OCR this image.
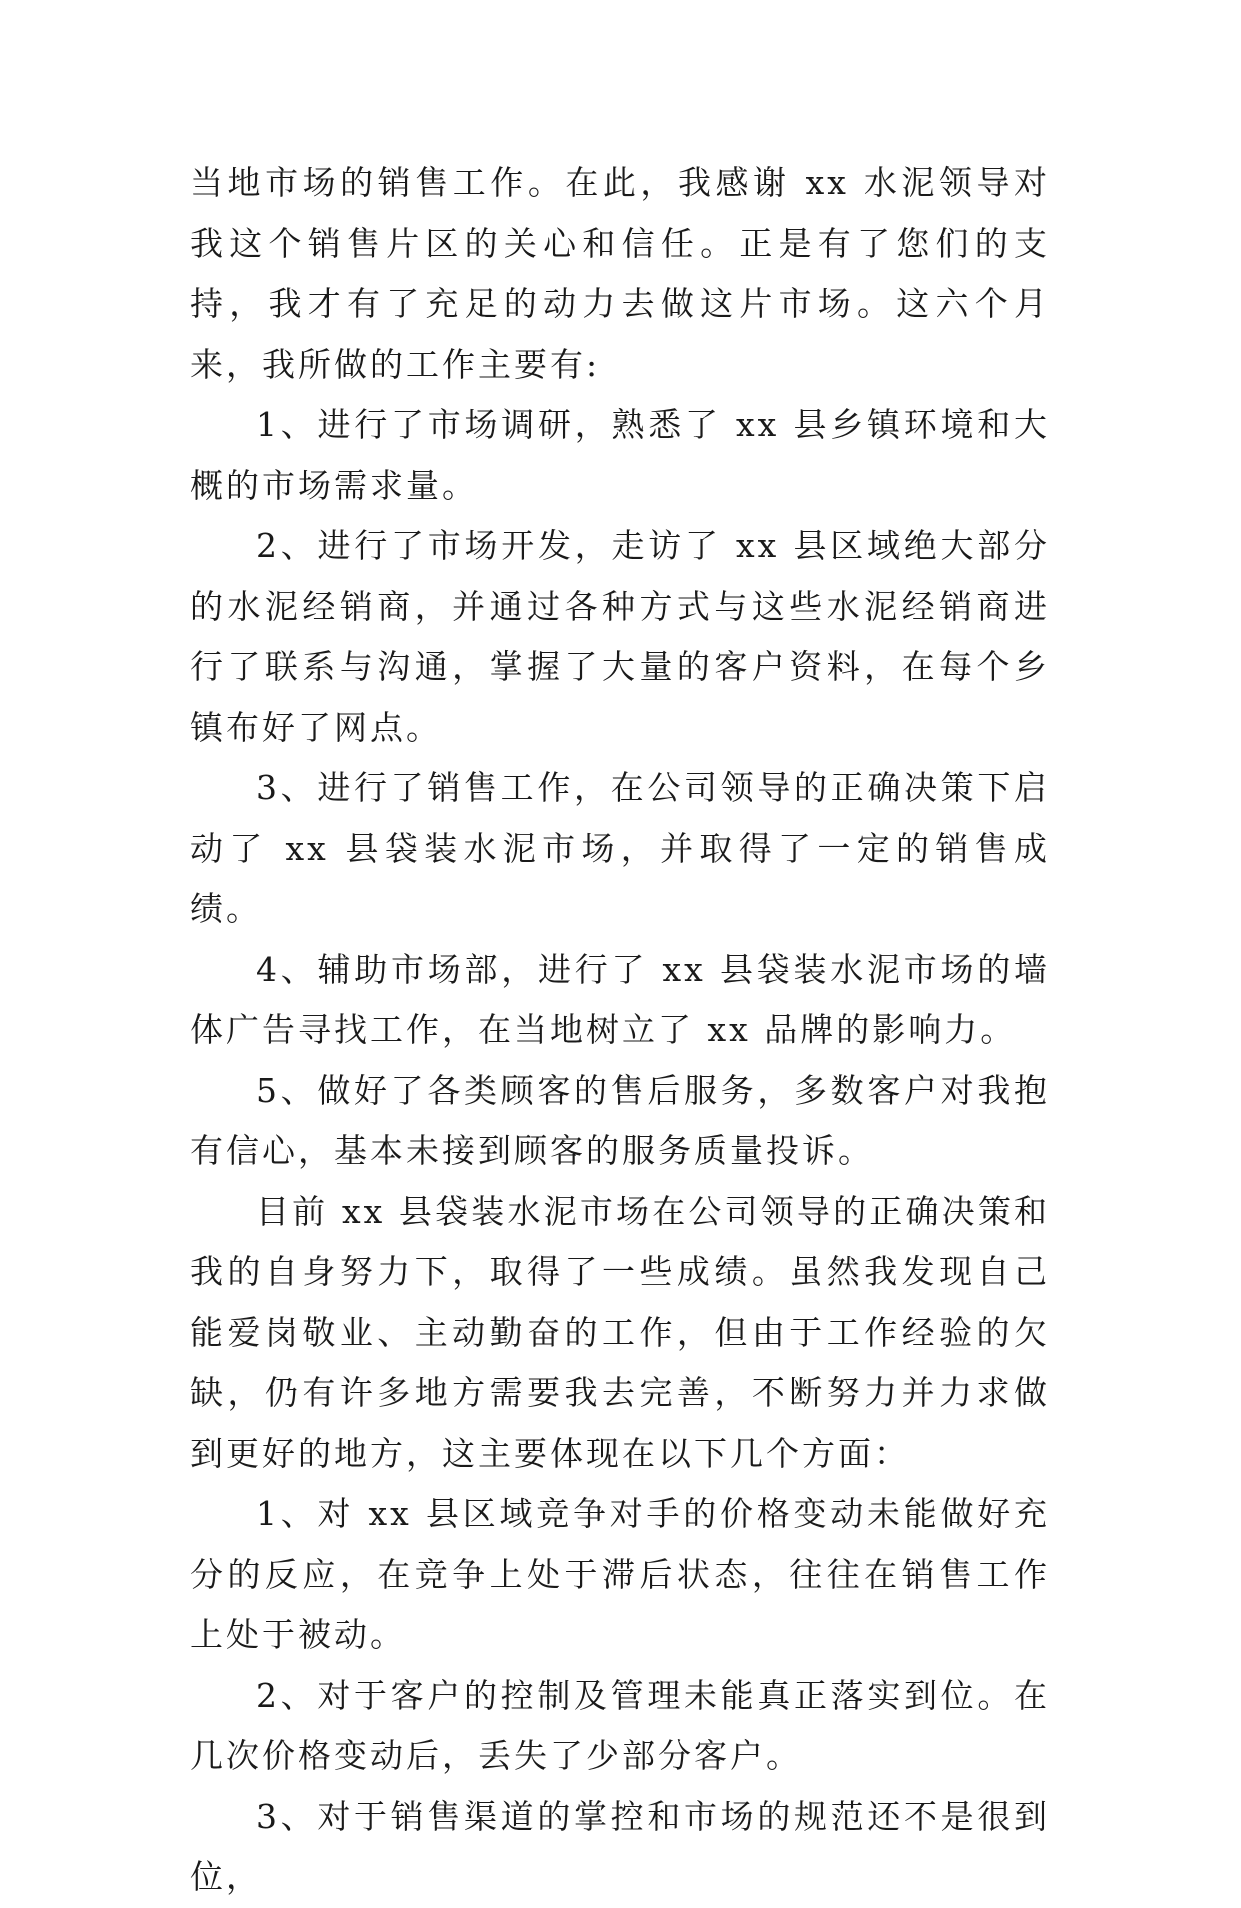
当地市场的销售工作。在此，我感谢 xx 水泥领导对我这个销售片区的关心和信任。正是有了您们的支持，我才有了充足的动力去做这片市场。这六个月来，我所做的工作主要有:

1、进行了市场调研，熟悉了 xx 县乡镇环境和大概的市场需求量。

2、进行了市场开发，走访了 xx 县区域绝大部分的水泥经销商，并通过各种方式与这些水泥经销商进行了联系与沟通，掌握了大量的客户资料，在每个乡镇布好了网点。

3、进行了销售工作，在公司领导的正确决策下启动了 xx 县袋装水泥市场，并取得了一定的销售成绩。

4、辅助市场部，进行了 xx 县袋装水泥市场的墙体广告寻找工作，在当地树立了 xx 品牌的影响力。

5、做好了各类顾客的售后服务，多数客户对我抱有信心，基本未接到顾客的服务质量投诉。

目前 xx 县袋装水泥市场在公司领导的正确决策和我的自身努力下，取得了一些成绩。虽然我发现自己能爱岗敬业、主动勤奋的工作，但由于工作经验的欠缺，仍有许多地方需要我去完善，不断努力并力求做到更好的地方，这主要体现在以下几个方面：

1、对 xx 县区域竞争对手的价格变动未能做好充分的反应，在竞争上处于滞后状态，往往在销售工作上处于被动。

2、对于客户的控制及管理未能真正落实到位。在几次价格变动后，丢失了少部分客户。

3、对于销售渠道的掌控和市场的规范还不是很到位，
